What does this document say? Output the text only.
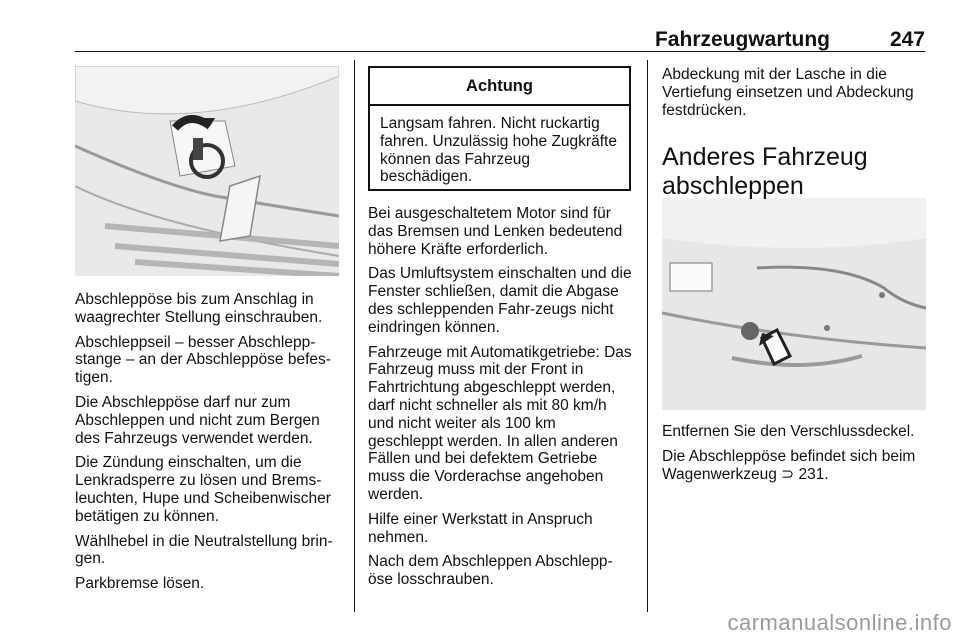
Fahrzeugwartung	247

Abschleppöse bis zum Anschlag in waagrechter Stellung einschrauben.

Abschleppseil – besser Abschlepp-stange – an der Abschleppöse befes-tigen.

Die Abschleppöse darf nur zum Abschleppen und nicht zum Bergen des Fahrzeugs verwendet werden.

Die Zündung einschalten, um die Lenkradsperre zu lösen und Brems-leuchten, Hupe und Scheibenwischer betätigen zu können.

Wählhebel in die Neutralstellung brin-gen.

Parkbremse lösen.

Achtung
Langsam fahren. Nicht ruckartig fahren. Unzulässig hohe Zugkräfte können das Fahrzeug beschädigen.

Bei ausgeschaltetem Motor sind für das Bremsen und Lenken bedeutend höhere Kräfte erforderlich.

Das Umluftsystem einschalten und die Fenster schließen, damit die Abgase des schleppenden Fahr-zeugs nicht eindringen können.

Fahrzeuge mit Automatikgetriebe: Das Fahrzeug muss mit der Front in Fahrtrichtung abgeschleppt werden, darf nicht schneller als mit 80 km/h und nicht weiter als 100 km geschleppt werden. In allen anderen Fällen und bei defektem Getriebe muss die Vorderachse angehoben werden.

Hilfe einer Werkstatt in Anspruch nehmen.

Nach dem Abschleppen Abschlepp-öse losschrauben.

Abdeckung mit der Lasche in die Vertiefung einsetzen und Abdeckung festdrücken.

Anderes Fahrzeug abschleppen

Entfernen Sie den Verschlussdeckel.

Die Abschleppöse befindet sich beim Wagenwerkzeug ⊃ 231.

carmanualsonline.info
